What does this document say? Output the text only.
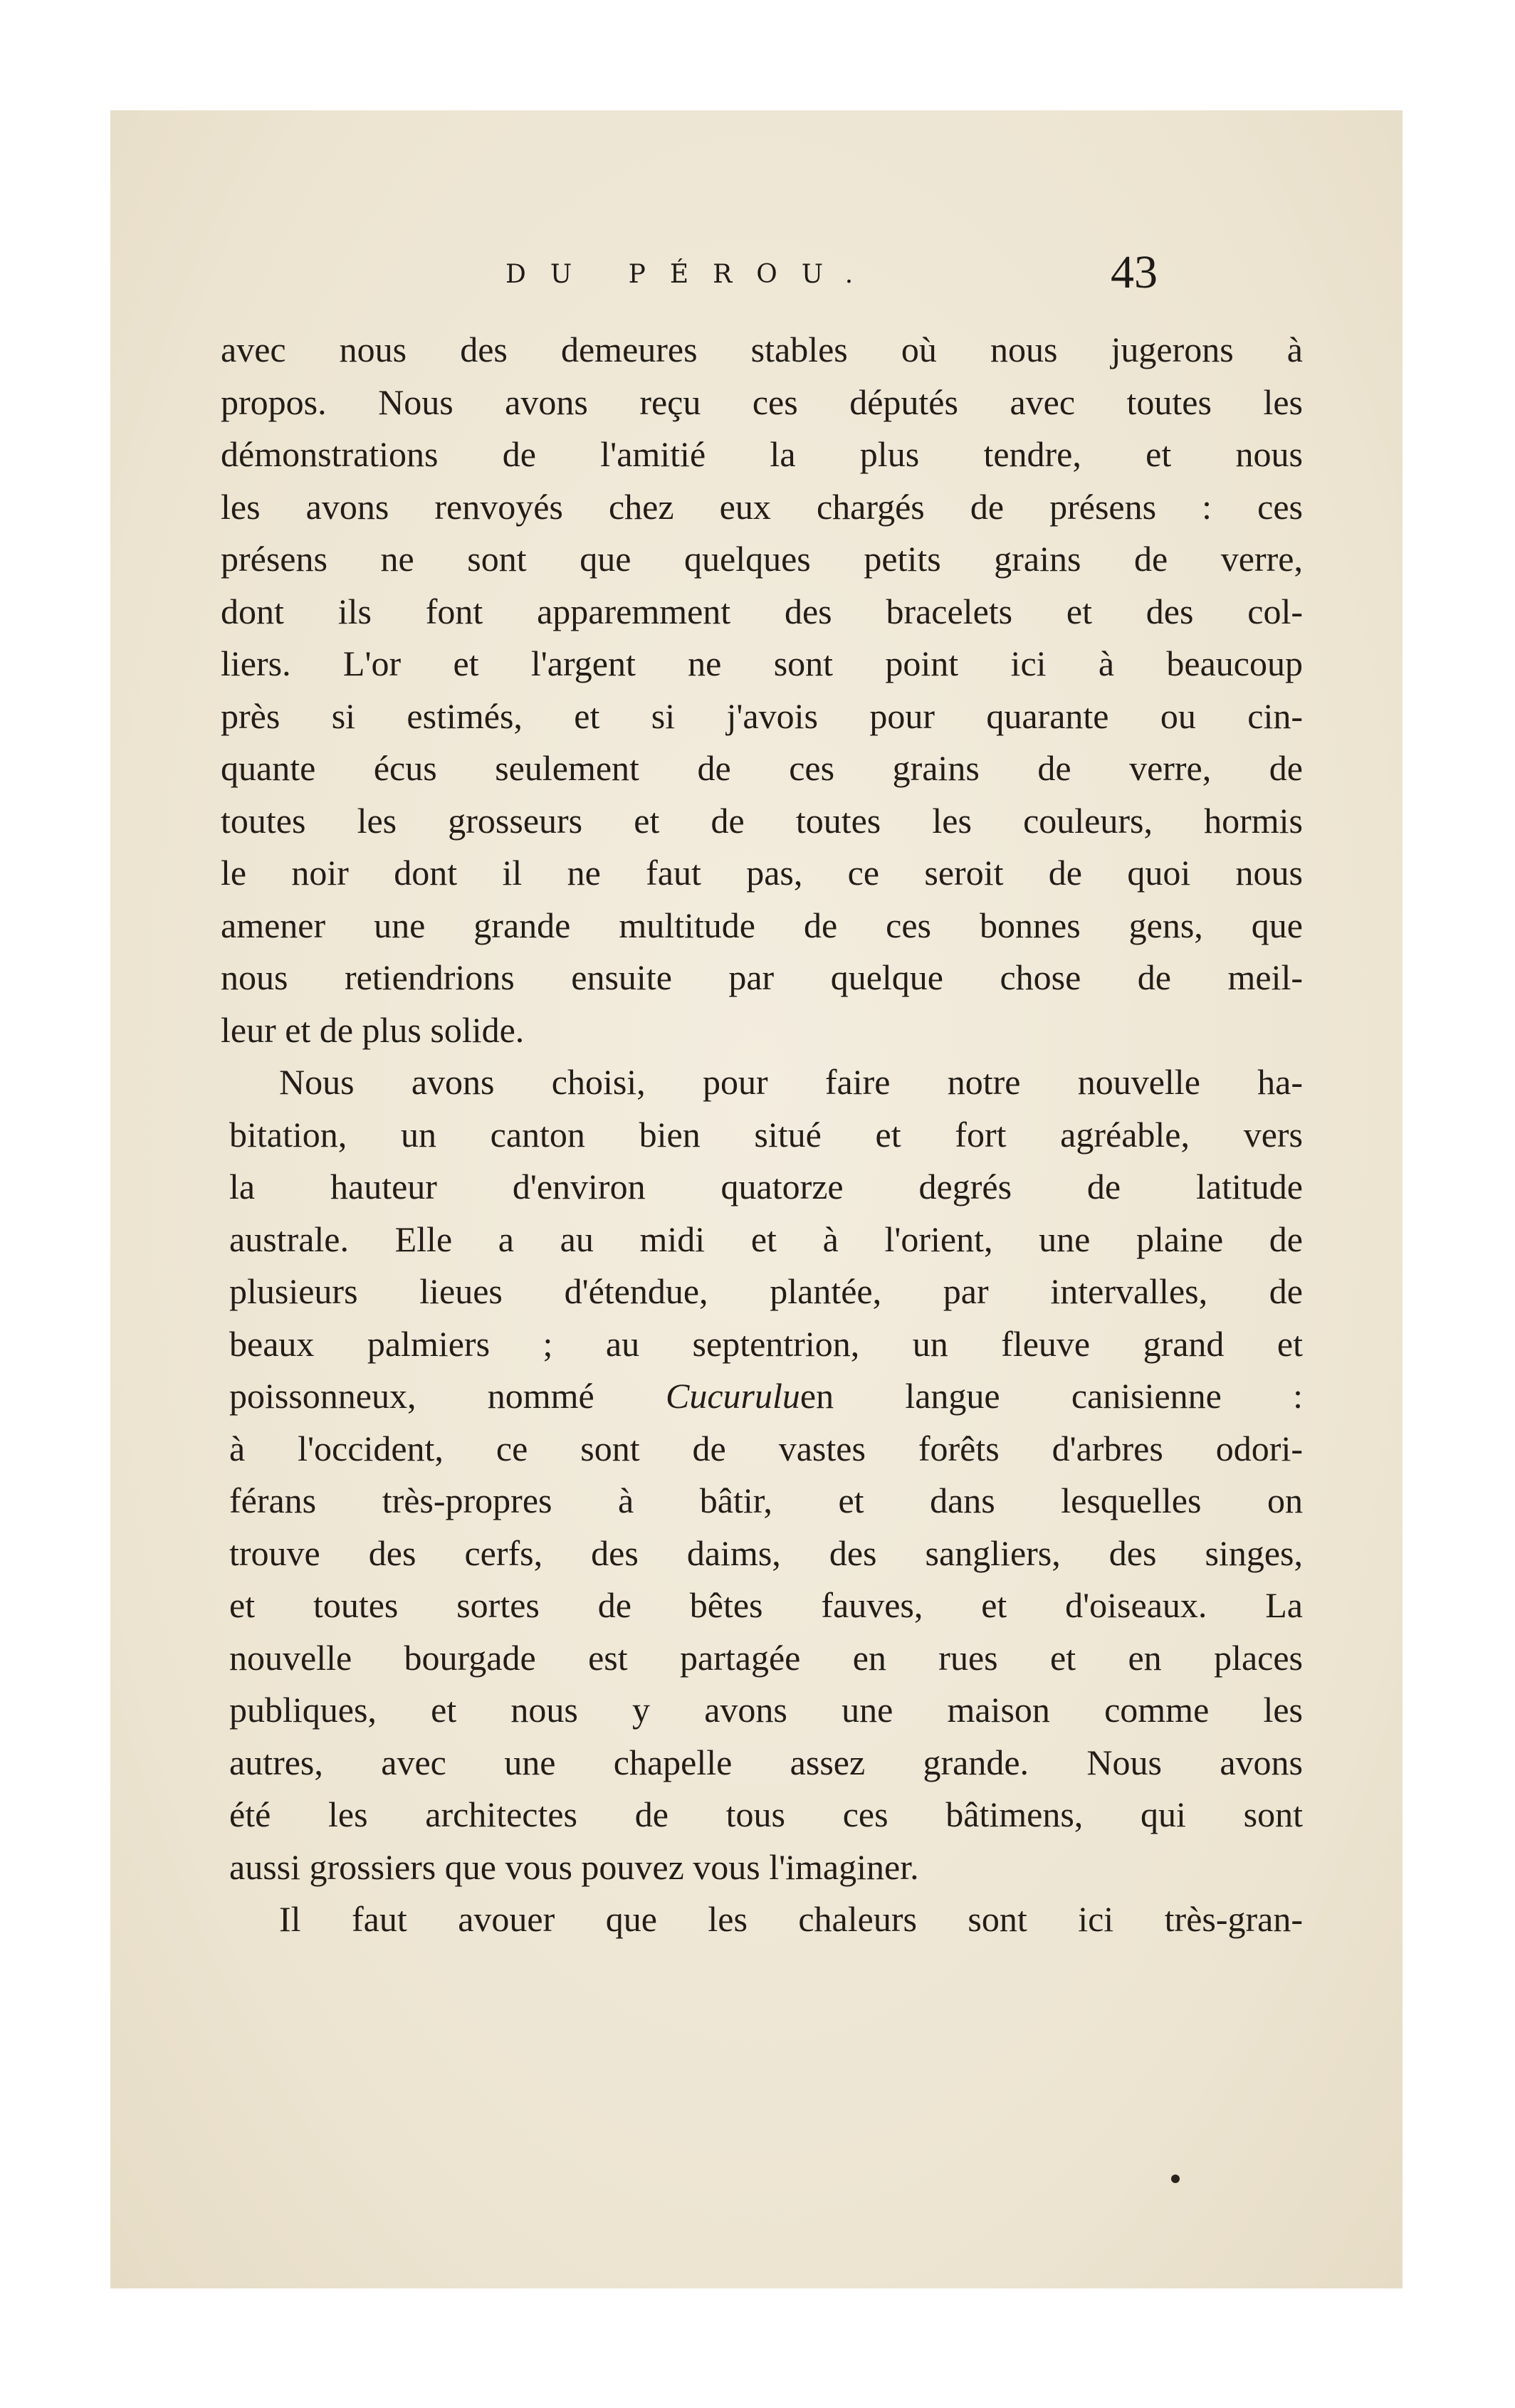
DU PÉROU.	43
avec nous des demeures stables où nous jugerons à
propos. Nous avons reçu ces députés avec toutes les
démonstrations de l'amitié la plus tendre, et nous
les avons renvoyés chez eux chargés de présens : ces
présens ne sont que quelques petits grains de verre,
dont ils font apparemment des bracelets et des col-
liers. L'or et l'argent ne sont point ici à beaucoup
près si estimés, et si j'avois pour quarante ou cin-
quante écus seulement de ces grains de verre, de
toutes les grosseurs et de toutes les couleurs, hormis
le noir dont il ne faut pas, ce seroit de quoi nous
amener une grande multitude de ces bonnes gens, que
nous retiendrions ensuite par quelque chose de meil-
leur et de plus solide.
Nous avons choisi, pour faire notre nouvelle ha-
bitation, un canton bien situé et fort agréable, vers
la hauteur d'environ quatorze degrés de latitude
australe. Elle a au midi et à l'orient, une plaine de
plusieurs lieues d'étendue, plantée, par intervalles, de
beaux palmiers ; au septentrion, un fleuve grand et
poissonneux, nommé Cucuruluen langue canisienne :
à l'occident, ce sont de vastes forêts d'arbres odori-
férans très-propres à bâtir, et dans lesquelles on
trouve des cerfs, des daims, des sangliers, des singes,
et toutes sortes de bêtes fauves, et d'oiseaux. La
nouvelle bourgade est partagée en rues et en places
publiques, et nous y avons une maison comme les
autres, avec une chapelle assez grande. Nous avons
été les architectes de tous ces bâtimens, qui sont
aussi grossiers que vous pouvez vous l'imaginer.
Il faut avouer que les chaleurs sont ici très-gran-
